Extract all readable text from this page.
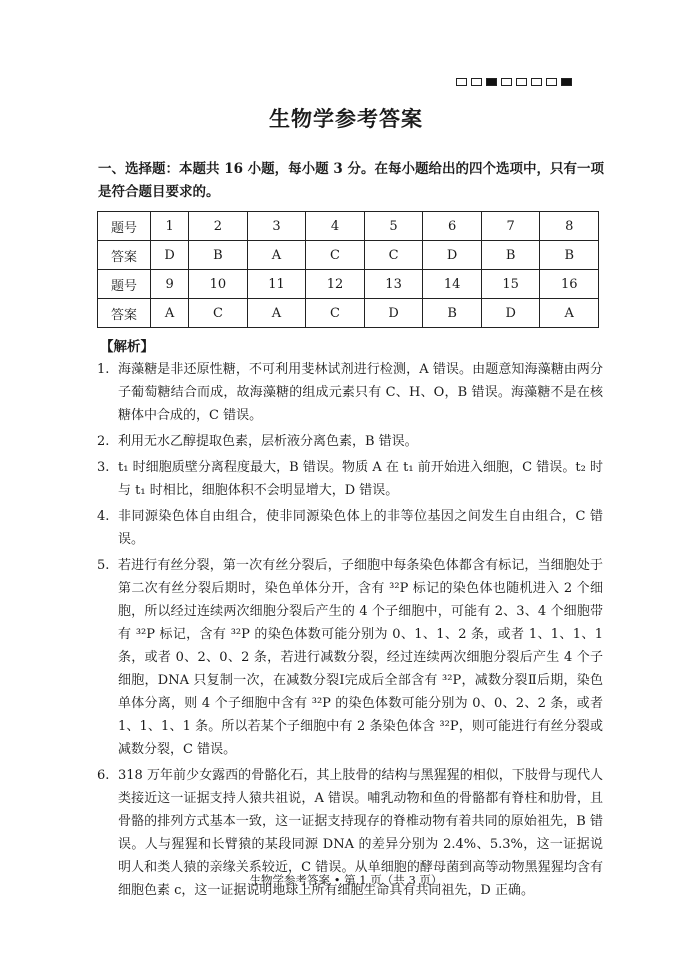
生物学参考答案
一、选择题：本题共 16 小题，每小题 3 分。在每小题给出的四个选项中，只有一项是符合题目要求的。
题号	1	2	3	4	5	6	7	8
答案	D	B	A	C	C	D	B	B
题号	9	10	11	12	13	14	15	16
答案	A	C	A	C	D	B	D	A
【解析】
1. 海藻糖是非还原性糖，不可利用斐林试剂进行检测，A 错误。由题意知海藻糖由两分子葡萄糖结合而成，故海藻糖的组成元素只有 C、H、O，B 错误。海藻糖不是在核糖体中合成的，C 错误。
2. 利用无水乙醇提取色素，层析液分离色素，B 错误。
3. t₁ 时细胞质壁分离程度最大，B 错误。物质 A 在 t₁ 前开始进入细胞，C 错误。t₂ 时与 t₁ 时相比，细胞体积不会明显增大，D 错误。
4. 非同源染色体自由组合，使非同源染色体上的非等位基因之间发生自由组合，C 错误。
5. 若进行有丝分裂，第一次有丝分裂后，子细胞中每条染色体都含有标记，当细胞处于第二次有丝分裂后期时，染色单体分开，含有 ³²P 标记的染色体也随机进入 2 个细胞，所以经过连续两次细胞分裂后产生的 4 个子细胞中，可能有 2、3、4 个细胞带有 ³²P 标记，含有 ³²P 的染色体数可能分别为 0、1、1、2 条，或者 1、1、1、1 条，或者 0、2、0、2 条，若进行减数分裂，经过连续两次细胞分裂后产生 4 个子细胞，DNA 只复制一次，在减数分裂Ⅰ完成后全部含有 ³²P，减数分裂Ⅱ后期，染色单体分离，则 4 个子细胞中含有 ³²P 的染色体数可能分别为 0、0、2、2 条，或者 1、1、1、1 条。所以若某个子细胞中有 2 条染色体含 ³²P，则可能进行有丝分裂或减数分裂，C 错误。
6. 318 万年前少女露西的骨骼化石，其上肢骨的结构与黑猩猩的相似，下肢骨与现代人类接近这一证据支持人猿共祖说，A 错误。哺乳动物和鱼的骨骼都有脊柱和肋骨，且骨骼的排列方式基本一致，这一证据支持现存的脊椎动物有着共同的原始祖先，B 错误。人与猩猩和长臂猿的某段同源 DNA 的差异分别为 2.4%、5.3%，这一证据说明人和类人猿的亲缘关系较近，C 错误。从单细胞的酵母菌到高等动物黑猩猩均含有细胞色素 c，这一证据说明地球上所有细胞生命具有共同祖先，D 正确。
生物学参考答案 • 第 1 页（共 3 页）
